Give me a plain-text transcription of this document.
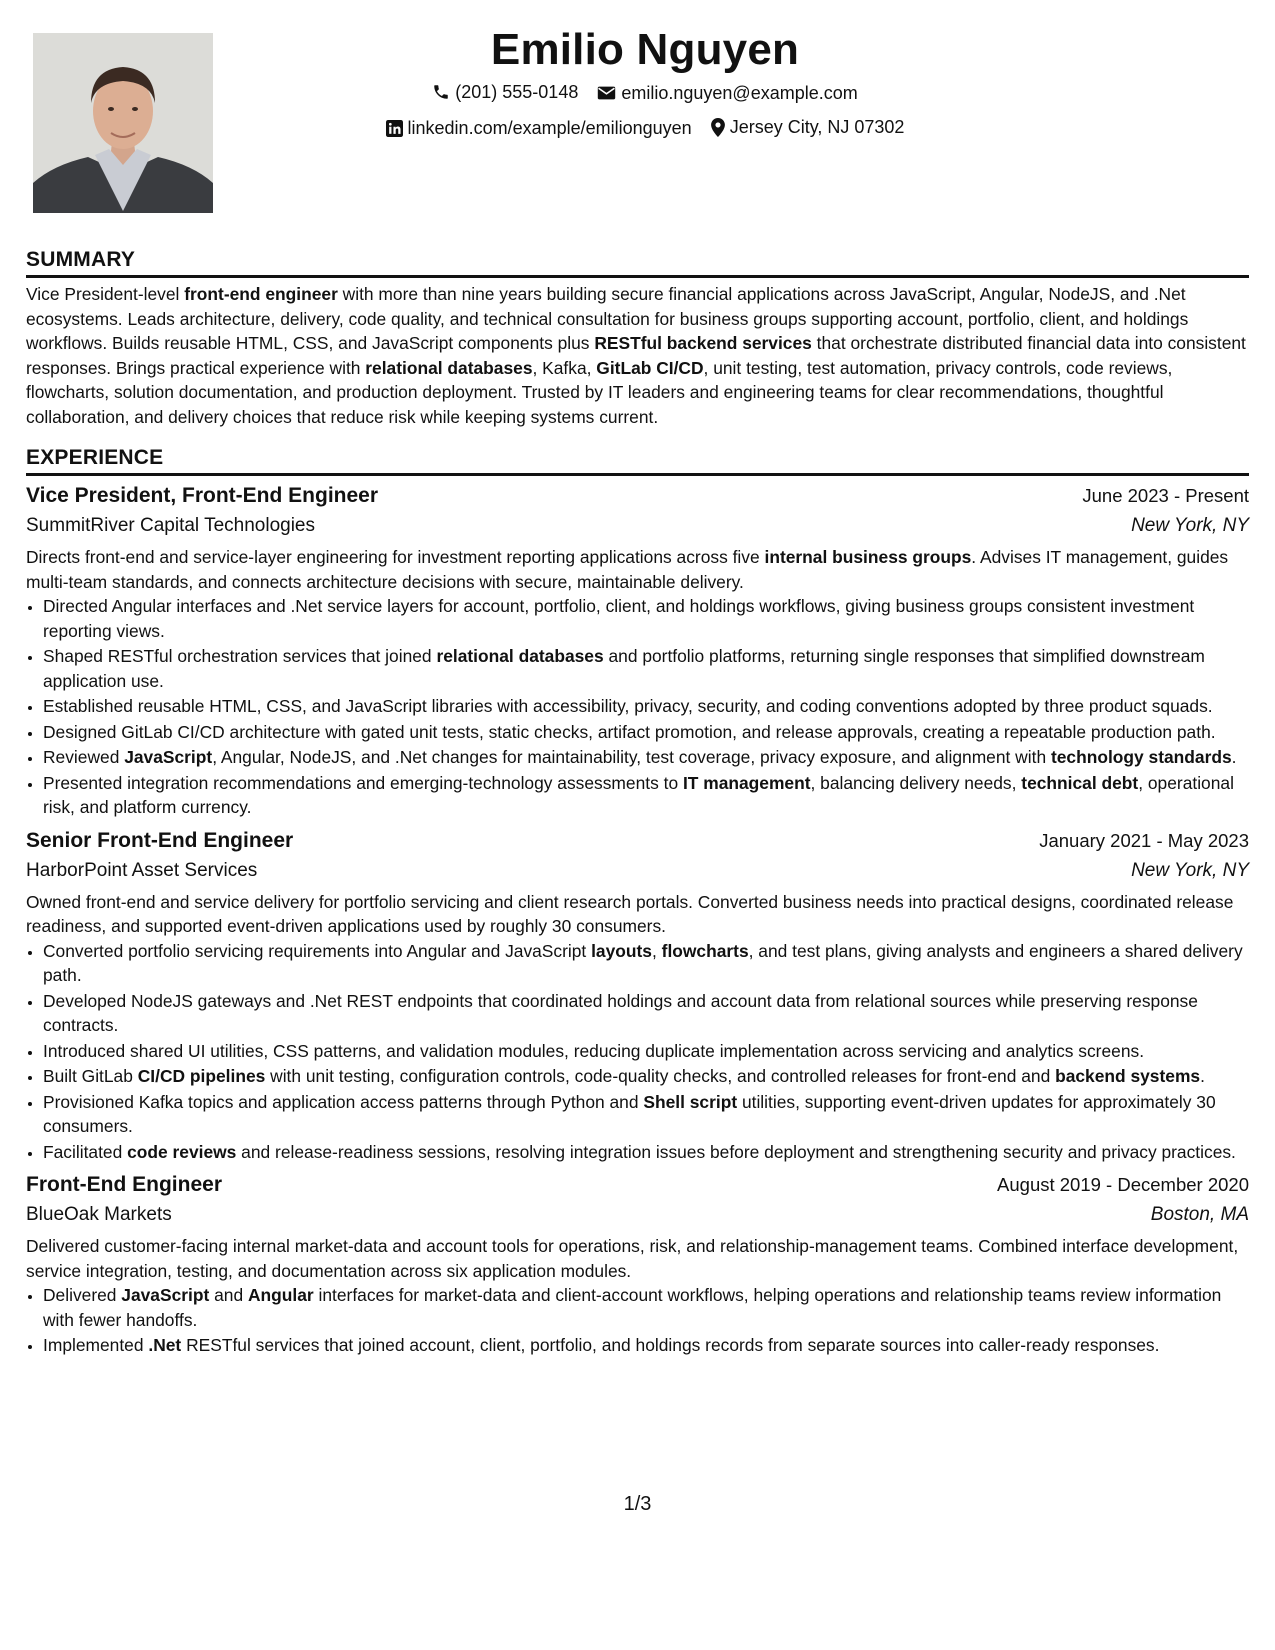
Emilio Nguyen
(201) 555-0148
emilio.nguyen@example.com
linkedin.com/example/emilionguyen
Jersey City, NJ 07302
SUMMARY

Vice President-level front-end engineer with more than nine years building secure financial applications across JavaScript, Angular, NodeJS, and .Net ecosystems. Leads architecture, delivery, code quality, and technical consultation for business groups supporting account, portfolio, client, and holdings workflows. Builds reusable HTML, CSS, and JavaScript components plus RESTful backend services that orchestrate distributed financial data into consistent responses. Brings practical experience with relational databases, Kafka, GitLab CI/CD, unit testing, test automation, privacy controls, code reviews, flowcharts, solution documentation, and production deployment. Trusted by IT leaders and engineering teams for clear recommendations, thoughtful collaboration, and delivery choices that reduce risk while keeping systems current.

EXPERIENCE
Vice President, Front-End Engineer	June 2023 - Present
SummitRiver Capital Technologies	New York, NY

Directs front-end and service-layer engineering for investment reporting applications across five internal business groups. Advises IT management, guides multi-team standards, and connects architecture decisions with secure, maintainable delivery.

• Directed Angular interfaces and .Net service layers for account, portfolio, client, and holdings workflows, giving business groups consistent investment reporting views.
• Shaped RESTful orchestration services that joined relational databases and portfolio platforms, returning single responses that simplified downstream application use.
• Established reusable HTML, CSS, and JavaScript libraries with accessibility, privacy, security, and coding conventions adopted by three product squads.
• Designed GitLab CI/CD architecture with gated unit tests, static checks, artifact promotion, and release approvals, creating a repeatable production path.
• Reviewed JavaScript, Angular, NodeJS, and .Net changes for maintainability, test coverage, privacy exposure, and alignment with technology standards.
• Presented integration recommendations and emerging-technology assessments to IT management, balancing delivery needs, technical debt, operational risk, and platform currency.
Senior Front-End Engineer	January 2021 - May 2023
HarborPoint Asset Services	New York, NY

Owned front-end and service delivery for portfolio servicing and client research portals. Converted business needs into practical designs, coordinated release readiness, and supported event-driven applications used by roughly 30 consumers.

• Converted portfolio servicing requirements into Angular and JavaScript layouts, flowcharts, and test plans, giving analysts and engineers a shared delivery path.
• Developed NodeJS gateways and .Net REST endpoints that coordinated holdings and account data from relational sources while preserving response contracts.
• Introduced shared UI utilities, CSS patterns, and validation modules, reducing duplicate implementation across servicing and analytics screens.
• Built GitLab CI/CD pipelines with unit testing, configuration controls, code-quality checks, and controlled releases for front-end and backend systems.
• Provisioned Kafka topics and application access patterns through Python and Shell script utilities, supporting event-driven updates for approximately 30 consumers.
• Facilitated code reviews and release-readiness sessions, resolving integration issues before deployment and strengthening security and privacy practices.
Front-End Engineer	August 2019 - December 2020
BlueOak Markets	Boston, MA

Delivered customer-facing internal market-data and account tools for operations, risk, and relationship-management teams. Combined interface development, service integration, testing, and documentation across six application modules.

• Delivered JavaScript and Angular interfaces for market-data and client-account workflows, helping operations and relationship teams review information with fewer handoffs.
• Implemented .Net RESTful services that joined account, client, portfolio, and holdings records from separate sources into caller-ready responses.
1/3
